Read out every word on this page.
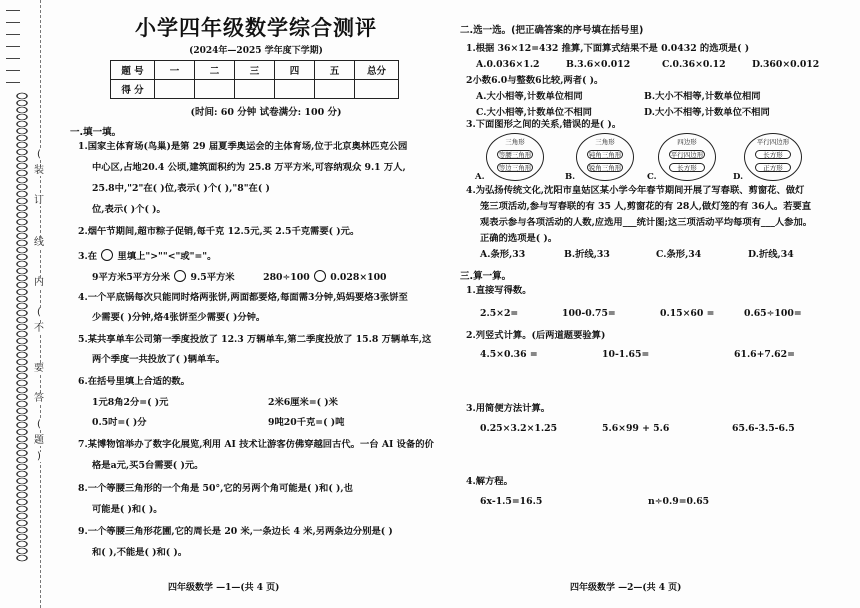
(
装
订
线
内
(
不
要
答
(
题
)
小学四年级数学综合测评
(2024年—2025 学年度下学期)
题 号	一	二	三	四	五	总分
得 分						
(时间: 60 分钟 试卷满分: 100 分)
一.填一填。
1.国家主体育场(鸟巢)是第 29 届夏季奥运会的主体育场,位于北京奥林匹克公园
中心区,占地20.4 公顷,建筑面积约为 25.8 万平方米,可容纳观众 9.1 万人,
25.8中,"2"在( )位,表示( )个( ),"8"在( )
位,表示( )个( )。
2.烟午节期间,超市粽子促销,每千克 12.5元,买 2.5千克需要( )元。
3.在 里填上">""<"或"="。
9平方米5平方分米 9.5平方米	280÷100 0.028×100
4.一个平底锅每次只能同时烙两张饼,两面都要烙,每面需3分钟,妈妈要烙3张饼至
少需要( )分钟,烙4张饼至少需要( )分钟。
5.某共享单车公司第一季度投放了 12.3 万辆单车,第二季度投放了 15.8 万辆单车,这
两个季度一共投放了( )辆单车。
6.在括号里填上合适的数。
1元8角2分=( )元	2米6厘米=( )米
0.5吋=( )分	9吨20千克=( )吨
7.某博物馆举办了数字化展览,利用 AI 技术让游客仿佛穿越回古代。一台 AI 设备的价
格是a元,买5台需要( )元。
8.一个等腰三角形的一个角是 50°,它的另两个角可能是( )和( ),也
可能是( )和( )。
9.一个等腰三角形花圃,它的周长是 20 米,一条边长 4 米,另两条边分别是( )
和( ),不能是( )和( )。
四年级数学 —1—(共 4 页)
二.选一选。(把正确答案的序号填在括号里)
1.根据 36×12=432 推算,下面算式结果不是 0.0432 的选项是( )
A.0.036×1.2	B.3.6×0.012	C.0.36×0.12	D.360×0.012
2小数6.0与整数6比较,两者( )。
A.大小相等,计数单位相同	B.大小不相等,计数单位相同
C.大小相等,计数单位不相同	D.大小不相等,计数单位不相同
3.下面图形之间的关系,错误的是( )。
三角形
等腰三角形
等边三角形
A.
三角形
钝角三角形
锐角三角形
B.
四边形
平行四边形
长方形
C.
平行四边形
长方形
正方形
D.
4.为弘扬传统文化,沈阳市皇姑区某小学今年春节期间开展了写春联、剪窗花、做灯
笼三项活动,参与写春联的有 35 人,剪窗花的有 28人,做灯笼的有 36人。若要直
观表示参与各项活动的人数,应选用___统计图;这三项活动平均每项有___人参加。
正确的选项是( )。
A.条形,33	B.折线,33	C.条形,34	D.折线,34
三.算一算。
1.直接写得数。
2.5×2=	100-0.75=	0.15×60 =	0.65÷100=
2.列竖式计算。(后两道题要验算)
4.5×0.36 =	10-1.65=	61.6+7.62=
3.用简便方法计算。
0.25×3.2×1.25	5.6×99 + 5.6	65.6-3.5-6.5
4.解方程。
6x-1.5=16.5	n÷0.9=0.65
四年级数学 —2—(共 4 页)
